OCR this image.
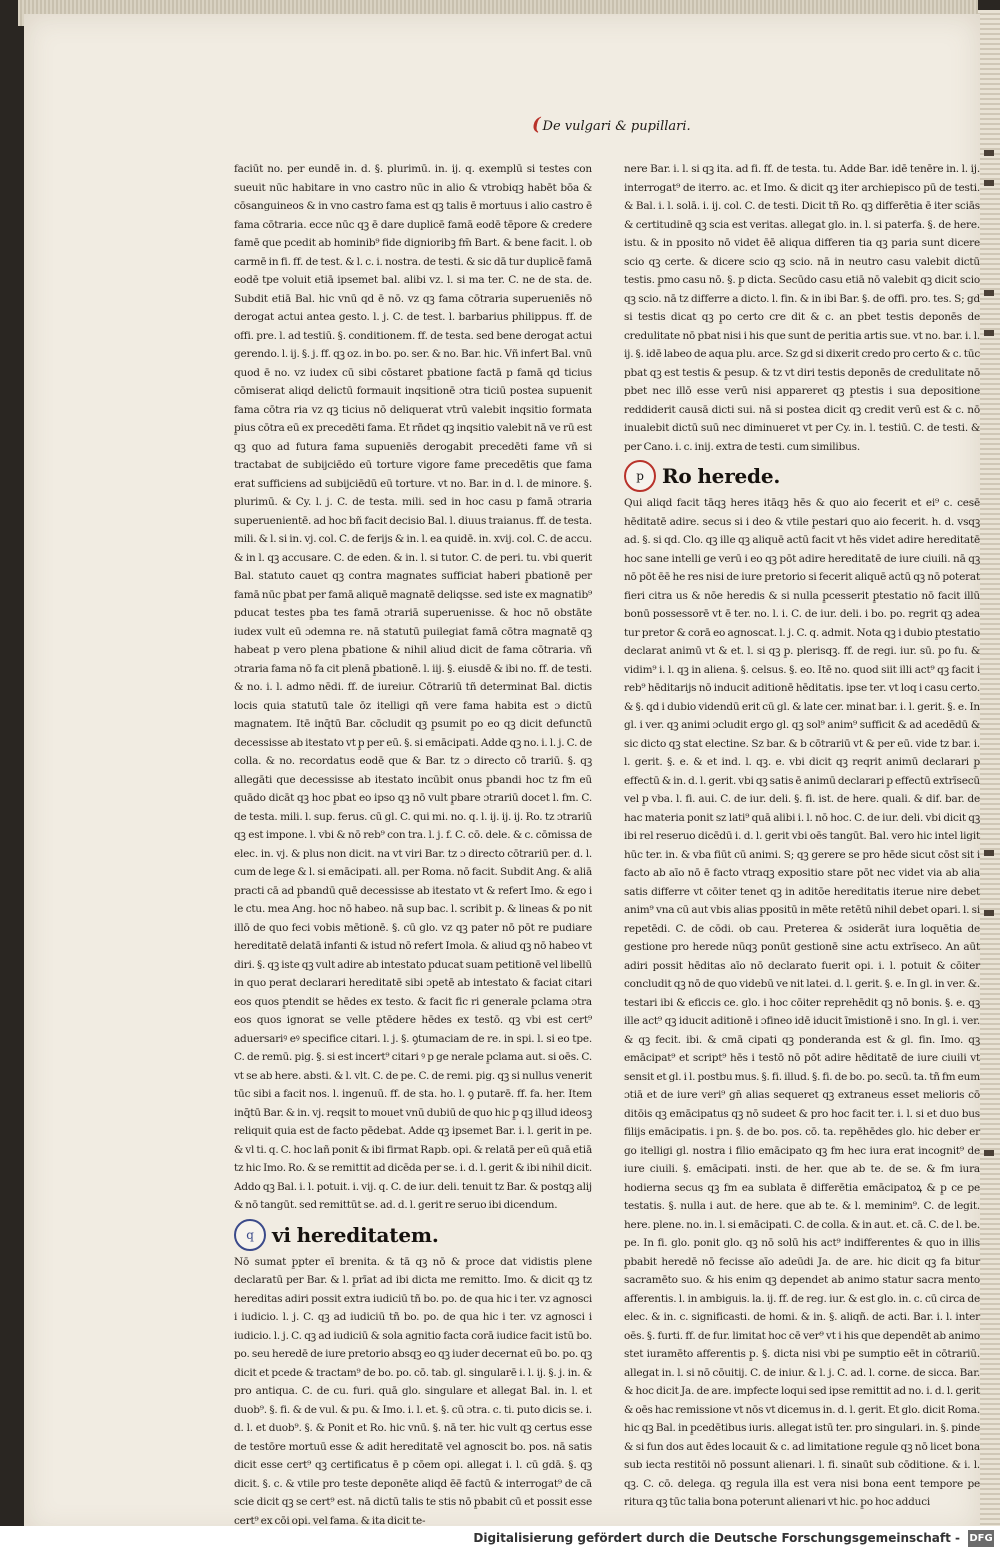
( De vulgari & pupillari.

faciūt no. per eundē in. d. §. plurimū. in. ij. q. exemplū si testes con sueuit nūc habitare in vno castro nūc in alio & vtrobiqꝫ habēt bōa & cōsanguineos & in vno castro fama est qꝫ talis ē mortuus i alio castro ē fama cōtraria. ecce nūc qꝫ ē dare duplicē famā eodē tēpore & credere famē que pcedit ab hominib⁹ fide dignioribꝫ fm̄ Bart. & bene facit. l. ob carmē in fi. ff. de test. & l. c. i. nostra. de testi. & sic dā tur duplicē famā eodē tpe voluit etiā ipsemet bal. alibi vz. l. si ma ter. C. ne de sta. de. Subdit etiā Bal. hic vnū qd ē nō. vz qꝫ fama cōtraria superueniēs nō derogat actui antea gesto. l. j. C. de test. l. barbarius philippus. ff. de offi. pre. l. ad testiū. §. conditionem. ff. de testa. sed bene derogat actui gerendo. l. ij. §. j. ff. qꝫ oz. in bo. po. ser. & no. Bar. hic. Vñ infert Bal. vnū quod ē no. vz iudex cū sibi cōstaret p̱batione factā p famā qd ticius cōmiserat aliqd delictū formauit inqsitionē ɔtra ticiū postea supuenit fama cōtra ria vz qꝫ ticius nō deliquerat vtrū valebit inqsitio formata p̱ius cōtra eū ex precedēti fama. Et rñdet qꝫ inqsitio valebit nā ve rū est qꝫ quo ad futura fama supueniēs derogabit precedēti fame vñ si tractabat de subijciēdo eū torture vigore fame precedētis que fama erat sufficiens ad subijciēdū eū torture. vt no. Bar. in d. l. de minore. §. plurimū. & Cy. l. j. C. de testa. mili. sed in hoc casu p famā ɔtraria superuenientē. ad hoc bñ facit decisio Bal. l. diuus traianus. ff. de testa. mili. & l. si in. vj. col. C. de ferijs & in. l. ea quidē. in. xvij. col. C. de accu. & in l. qꝫ accusare. C. de eden. & in. l. si tutor. C. de peri. tu. vbi querit Bal. statuto cauet qꝫ contra magnates sufficiat haberi p̱bationē per famā nūc p̱bat per famā aliquē magnatē deliqsse. sed iste ex magnatib⁹ pducat testes p̱ba tes famā ɔtrariā superuenisse. & hoc nō obstāte iudex vult eū ɔdemna re. nā statutū p̱uilegiat famā cōtra magnatē qꝫ habeat p vero plena p̱batione & nihil aliud dicit de fama cōtraria. vñ ɔtraria fama nō fa cit plenā p̱bationē. l. iij. §. eiusdē & ibi no. ff. de testi. & no. i. l. admo nēdi. ff. de iureiur. Cōtrariū tñ determinat Bal. dictis locis quia statutū tale ōz itelligi qñ vere fama habita est ɔ dictū magnatem. Itē inq̄tū Bar. cōcludit qꝫ p̱sumit p̱o eo qꝫ dicit defunctū decessisse ab itestato vt p̱ per eū. §. si emācipati. Adde qꝫ no. i. l. j. C. de colla. & no. recordatus eodē que & Bar. tz ɔ directo cō trariū. §. qꝫ allegāti que decessisse ab itestato incūbit onus p̱bandi hoc tz fm eū quādo dicāt qꝫ hoc p̱bat eo ipso qꝫ nō vult p̱bare ɔtrariū docet l. fm. C. de testa. mili. l. sup. ferus. cū gl. C. qui mi. no. q. l. ij. ij. ij. Ro. tz ɔtrariū qꝫ est impone. l. vbi & nō reb⁹ con tra. l. j. f. C. cō. dele. & c. cōmissa de elec. in. vj. & plus non dicit. na vt viri Bar. tz ɔ directo cōtrariū per. d. l. cum de lege & l. si emācipati. all. per Roma. nō facit. Subdit Ang. & aliā practi cā ad p̱bandū quē decessisse ab itestato vt & refert Imo. & ego i le ctu. mea Ang. hoc nō habeo. nā sup bac. l. scribit p̱. & lineas & po nit illō de quo feci vobis mētionē. §. cū glo. vz qꝫ pater nō pōt re pudiare hereditatē delatā infanti & istud nō refert Imola. & aliud qꝫ nō habeo vt diri. §. qꝫ iste qꝫ vult adire ab intestato p̱ducat suam petitionē vel libellū in quo perat declarari hereditatē sibi ɔpetē ab intestato & faciat citari eos quos p̱tendit se hēdes ex testo. & facit fic ri generale p̱clama ɔtra eos quos ignorat se velle p̱tēdere hēdes ex testō. qꝫ vbi est cert⁹ aduersariꝰ eꝰ specifice citari. l. j. §. ꝯtumaciam de re. in spi. l. si eo tpe. C. de remū. pig. §. si est incert⁹ citari ꝰ p ge nerale p̱clama aut. si oēs. C. vt se ab here. absti. & l. vlt. C. de pe. C. de remi. pig. qꝫ si nullus venerit tūc sibi a facit nos. l. ingenuū. ff. de sta. ho. l. ꝯ putarē. ff. fa. her. Item inq̄tū Bar. & in. vj. reqsit to mouet vnū dubiū de quo hic p̱ qꝫ illud ideosꝫ reliquit quia est de facto pēdebat. Adde qꝫ ipsemet Bar. i. l. gerit in pe. & vl ti. q. C. hoc lañ ponit & ibi firmat Rapb. opi. & relatā per eū quā etiā tz hic Imo. Ro. & se remittit ad dicēda per se. i. d. l. gerit & ibi nihil dicit. Addo qꝫ Bal. i. l. potuit. i. vij. q. C. de iur. deli. tenuit tz Bar. & postqꝫ alij & nō tangūt. sed remittūt se. ad. d. l. gerit re seruo ibi dicendum.

q vi hereditatem.

Nō sumat p̱pter eī brenita. & tā qꝫ nō & p̱roce dat vidistis plene declaratū per Bar. & l. p̱rīat ad ibi dicta me remitto. Imo. & dicit qꝫ tz hereditas adiri possit extra iudiciū tñ bo. po. de qua hic i ter. vz agnosci i iudicio. l. j. C. qꝫ ad iudiciū tñ bo. po. de qua hic i ter. vz agnosci i iudicio. l. j. C. qꝫ ad iudiciū & sola agnitio facta corā iudice facit istū bo. po. seu heredē de iure pretorio absqꝫ eo qꝫ iuder decernat eū bo. po. qꝫ dicit et pcede & tractam⁹ de bo. po. cō. tab. gl. singularē i. l. ij. §. j. in. & pro antiqua. C. de cu. furi. quā glo. singulare et allegat Bal. in. l. et duob⁹. §. fi. & de vul. & pu. & Imo. i. l. et. §. cū ɔtra. c. ti. puto dicis se. i. d. l. et duob⁹. §. & Ponit et Ro. hic vnū. §. nā ter. hic vult qꝫ certus esse de testōre mortuū esse & adit hereditatē vel agnoscit bo. pos. nā satis dicit esse cert⁹ qꝫ certificatus ē p cōem opi. allegat i. l. cū gdā. §. qꝫ dicit. §. c. & vtile pro teste deponēte aliqd ēē factū & interrogat⁹ de cā scie dicit qꝫ se cert⁹ est. nā dictū talis te stis nō p̱babit cū et possit esse cert⁹ ex cōi opi. vel fama. & ita dicit te-

nere Bar. i. l. si qꝫ ita. ad fi. ff. de testa. tu. Adde Bar. idē tenēre in. l. ij. interrogat⁹ de iterro. ac. et Imo. & dicit qꝫ iter archiepisco pū de testi. & Bal. i. l. solā. i. ij. col. C. de testi. Dicit tñ Ro. qꝫ differētia ē iter sciās & certitudinē qꝫ scia est veritas. allegat glo. in. l. si paterfa. §. de here. istu. & in pposito nō videt ēē aliqua differen tia qꝫ paria sunt dicere scio qꝫ certe. & dicere scio qꝫ scio. nā in neutro casu valebit dictū testis. p̱mo casu nō. §. p̱ dicta. Secūdo casu etiā nō valebit qꝫ dicit scio qꝫ scio. nā tz differre a dicto. l. fin. & in ibi Bar. §. de offi. pro. tes. S; gd si testis dicat qꝫ p̱o certo cre dit & c. an pbet testis deponēs de credulitate nō pbat nisi i his que sunt de peritia artis sue. vt no. bar. i. l. ij. §. idē labeo de aqua plu. arce. Sz gd si dixerit credo pro certo & c. tūc pbat qꝫ est testis & p̱esup. & tz vt diri testis deponēs de credulitate nō pbet nec illō esse verū nisi appareret qꝫ p̱testis i sua depositione reddiderit causā dicti sui. nā si postea dicit qꝫ credit verū est & c. nō inualebit dictū suū nec diminueret vt per Cy. in. l. testiū. C. de testi. & per Cano. i. c. inij. extra de testi. cum similibus.

p Ro herede.

Qui aliqd facit tāqꝫ heres itāqꝫ hēs & quo aio fecerit et ei⁹ c. cesē hēditatē adire. secus si i deo & vtile p̱estari quo aio fecerit. h. d. vsqꝫ ad. §. si qd. Clo. qꝫ ille qꝫ aliquē actū facit vt hēs videt adire hereditatē hoc sane intelli ge verū i eo qꝫ pōt adire hereditatē de iure ciuili. nā qꝫ nō pōt ēē he res nisi de iure pretorio si fecerit aliquē actū qꝫ nō poterat fieri citra us & nōe heredis & si nulla p̱cesserit p̱testatio nō facit illū bonū possessorē vt ē ter. no. l. i. C. de iur. deli. i bo. po. regrit qꝫ adea tur pretor & corā eo agnoscat. l. j. C. q. admit. Nota qꝫ i dubio p̱testatio declarat animū vt & et. l. si qꝫ p̱. plerisqꝫ. ff. de regi. iur. sū. p̱o fu. & vidim⁹ i. l. qꝫ in aliena. §. celsus. §. eo. Itē no. quod siit illi act⁹ qꝫ facit i reb⁹ hēditarijs nō inducit aditionē hēditatis. ipse ter. vt loq i casu certo. & §. qd i dubio videndū erit cū gl. & late cer. minat bar. i. l. gerit. §. e. In gl. i ver. qꝫ animi ɔcludit ergo gl. qꝫ sol⁹ anim⁹ sufficit & ad acedēdū & sic dicto qꝫ stat electine. Sz bar. & b cōtrariū vt & per eū. vide tz bar. i. l. gerit. §. e. & et ind. l. qꝫ. e. vbi dicit qꝫ reqrit animū declarari p̱ effectū & in. d. l. gerit. vbi qꝫ satis ē animū declarari p̱ effectū extrīsecū vel p̱ vba. l. fi. aui. C. de iur. deli. §. fi. ist. de here. quali. & dif. bar. de hac materia ponit sz lati⁹ quā alibi i. l. nō hoc. C. de iur. deli. vbi dicit qꝫ ibi rel reseruo dicēdū i. d. l. gerit vbi oēs tangūt. Bal. vero hic intel ligit hūc ter. in. & vba fiūt cū animi. S; qꝫ gerere se pro hēde sicut cōst sit i facto ab aīo nō ē facto vtraqꝫ expositio stare pōt nec videt via ab alia satis differre vt cōiter tenet qꝫ in aditōe hereditatis iterue nire debet anim⁹ vna cū aut vbis alias p̱positū in mēte retētū nihil debet opari. l. si repetēdi. C. de cōdi. ob cau. Preterea & ɔsiderāt iura loquētia de gestione pro herede nūqꝫ ponūt gestionē sine actu extrīseco. An aūt adiri possit hēditas aīo nō declarato fuerit opi. i. l. potuit & cōiter concludit qꝫ nō de quo videbū ve nit latei. d. l. gerit. §. e. In gl. in ver. &. testari ibi & eficcis ce. glo. i hoc cōiter reprehēdit qꝫ nō bonis. §. e. qꝫ ille act⁹ qꝫ iducit aditionē i ɔfineo idē iducit īmistionē i sno. In gl. i. ver. & qꝫ fecit. ibi. & cmā cipati qꝫ ponderanda est & gl. fin. Imo. qꝫ emācipat⁹ et script⁹ hēs i testō nō pōt adire hēditatē de iure ciuili vt sensit et gl. i l. postbu mus. §. fi. illud. §. fi. de bo. po. secū. ta. tñ fm eum ɔtiā et de iure veri⁹ gn̄ alias sequeret qꝫ extraneus esset melioris cō ditōis qꝫ emācipatus qꝫ nō sudeet & pro hoc facit ter. i. l. si et duo bus filijs emācipatis. i p̱n. §. de bo. pos. cō. ta. repēhēdes glo. hic deber er go itelligi gl. nostra i filio emācipato qꝫ fm hec iura erat incognit⁹ de iure ciuili. §. emācipati. insti. de her. que ab te. de se. & fm iura hodierna secus qꝫ fm ea sublata ē differētia emācipatoꝝ & p̱ ce pe testatis. §. nulla i aut. de here. que ab te. & l. meminim⁹. C. de legit. here. plene. no. in. l. si emācipati. C. de colla. & in aut. et. cā. C. de l. be. pe. In fi. glo. ponit glo. qꝫ nō solū his act⁹ indifferentes & quo in illis p̱babit heredē nō fecisse aīo adeūdi Ja. de are. hic dicit qꝫ fa bitur sacramēto suo. & his enim qꝫ dependet ab animo statur sacra mento afferentis. l. in ambiguis. la. ij. ff. de reg. iur. & est glo. in. c. cū circa de elec. & in. c. significasti. de homi. & in. §. aliqñ. de acti. Bar. i. l. inter oēs. §. furti. ff. de fur. limitat hoc cē ver⁹ vt i his que dependēt ab animo stet iuramēto afferentis p̱. §. dicta nisi vbi p̱e sumptio eēt in cōtrariū. allegat in. l. si nō cōuitij. C. de iniur. & l. j. C. ad. l. corne. de sicca. Bar. & hoc dicit Ja. de are. impfecte loqui sed ipse remittit ad no. i. d. l. gerit & oēs hac remissione vt nōs vt dicemus in. d. l. gerit. Et glo. dicit Roma. hic qꝫ Bal. in p̱cedētibus iuris. allegat istū ter. pro singulari. in. §. pinde & si fun dos aut ēdes locauit & c. ad limitatione regule qꝫ nō licet bona sub iecta restitōi nō possunt alienari. l. fi. sinaūt sub cōditione. & i. l. qꝫ. C. cō. delega. qꝫ regula illa est vera nisi bona eent tempore pe ritura qꝫ tūc talia bona poterunt alienari vt hic. p̱o hoc adduci

Digitalisierung gefördert durch die Deutsche Forschungsgemeinschaft - DFG
